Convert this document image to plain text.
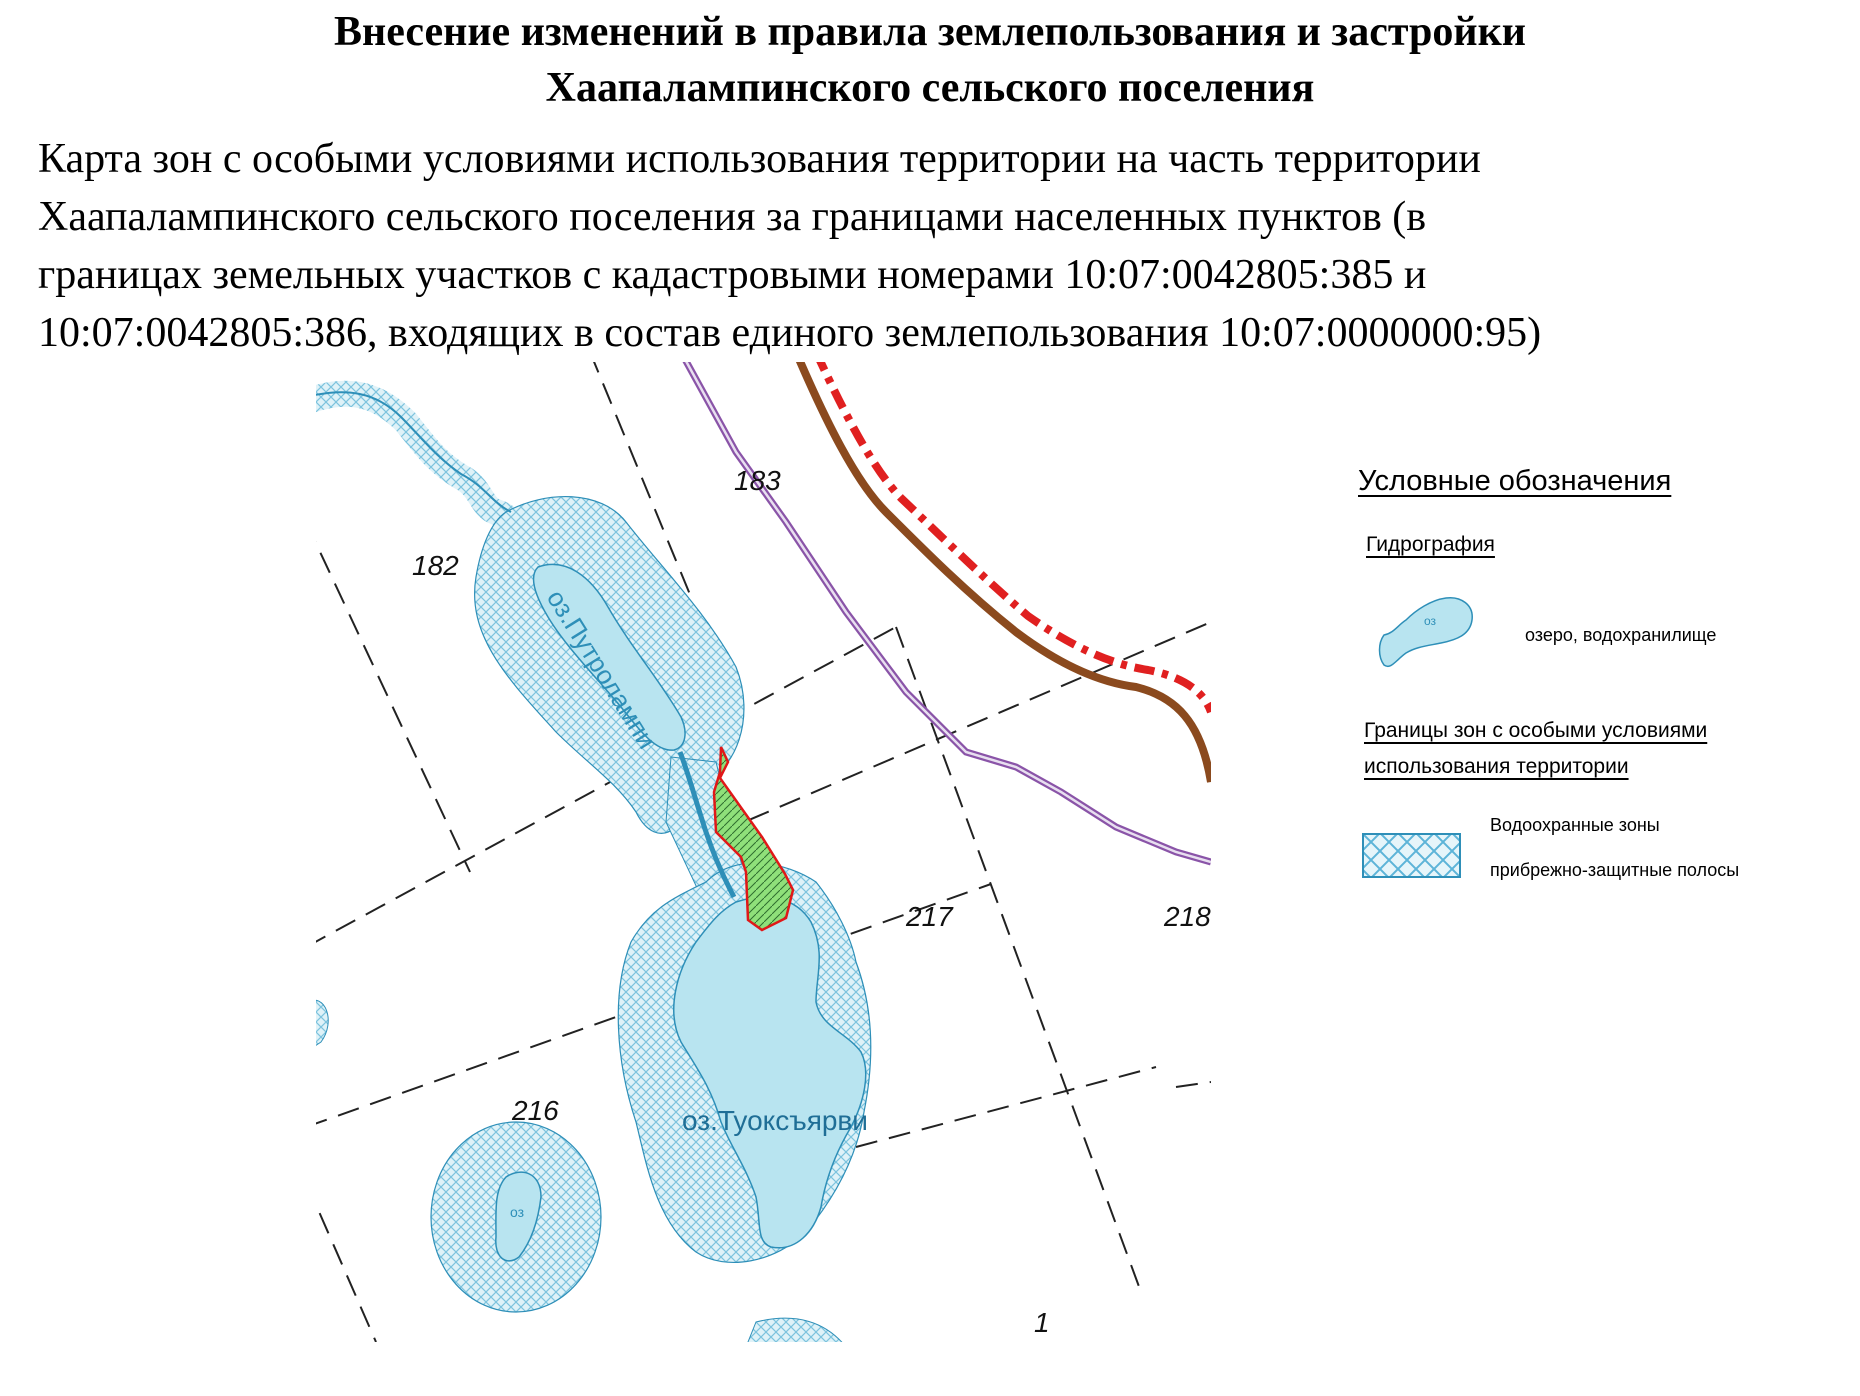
Внесение изменений в правила землепользования и застройки
Хаапалампинского сельского поселения
Карта зон с особыми условиями использования территории на часть территории
Хаапалампинского сельского поселения за границами населенных пунктов (в
границах земельных участков с кадастровыми номерами 10:07:0042805:385 и
10:07:0042805:386, входящих в состав единого землепользования 10:07:0000000:95)
оз.Путролампи
оз.Туоксъярви
оз
182
183
216
217	218
1
Условные обозначения
Гидрография
оз
озеро, водохранилище
Границы зон с особыми условиями
использования территории
Водоохранные зоны
прибрежно-защитные полосы
